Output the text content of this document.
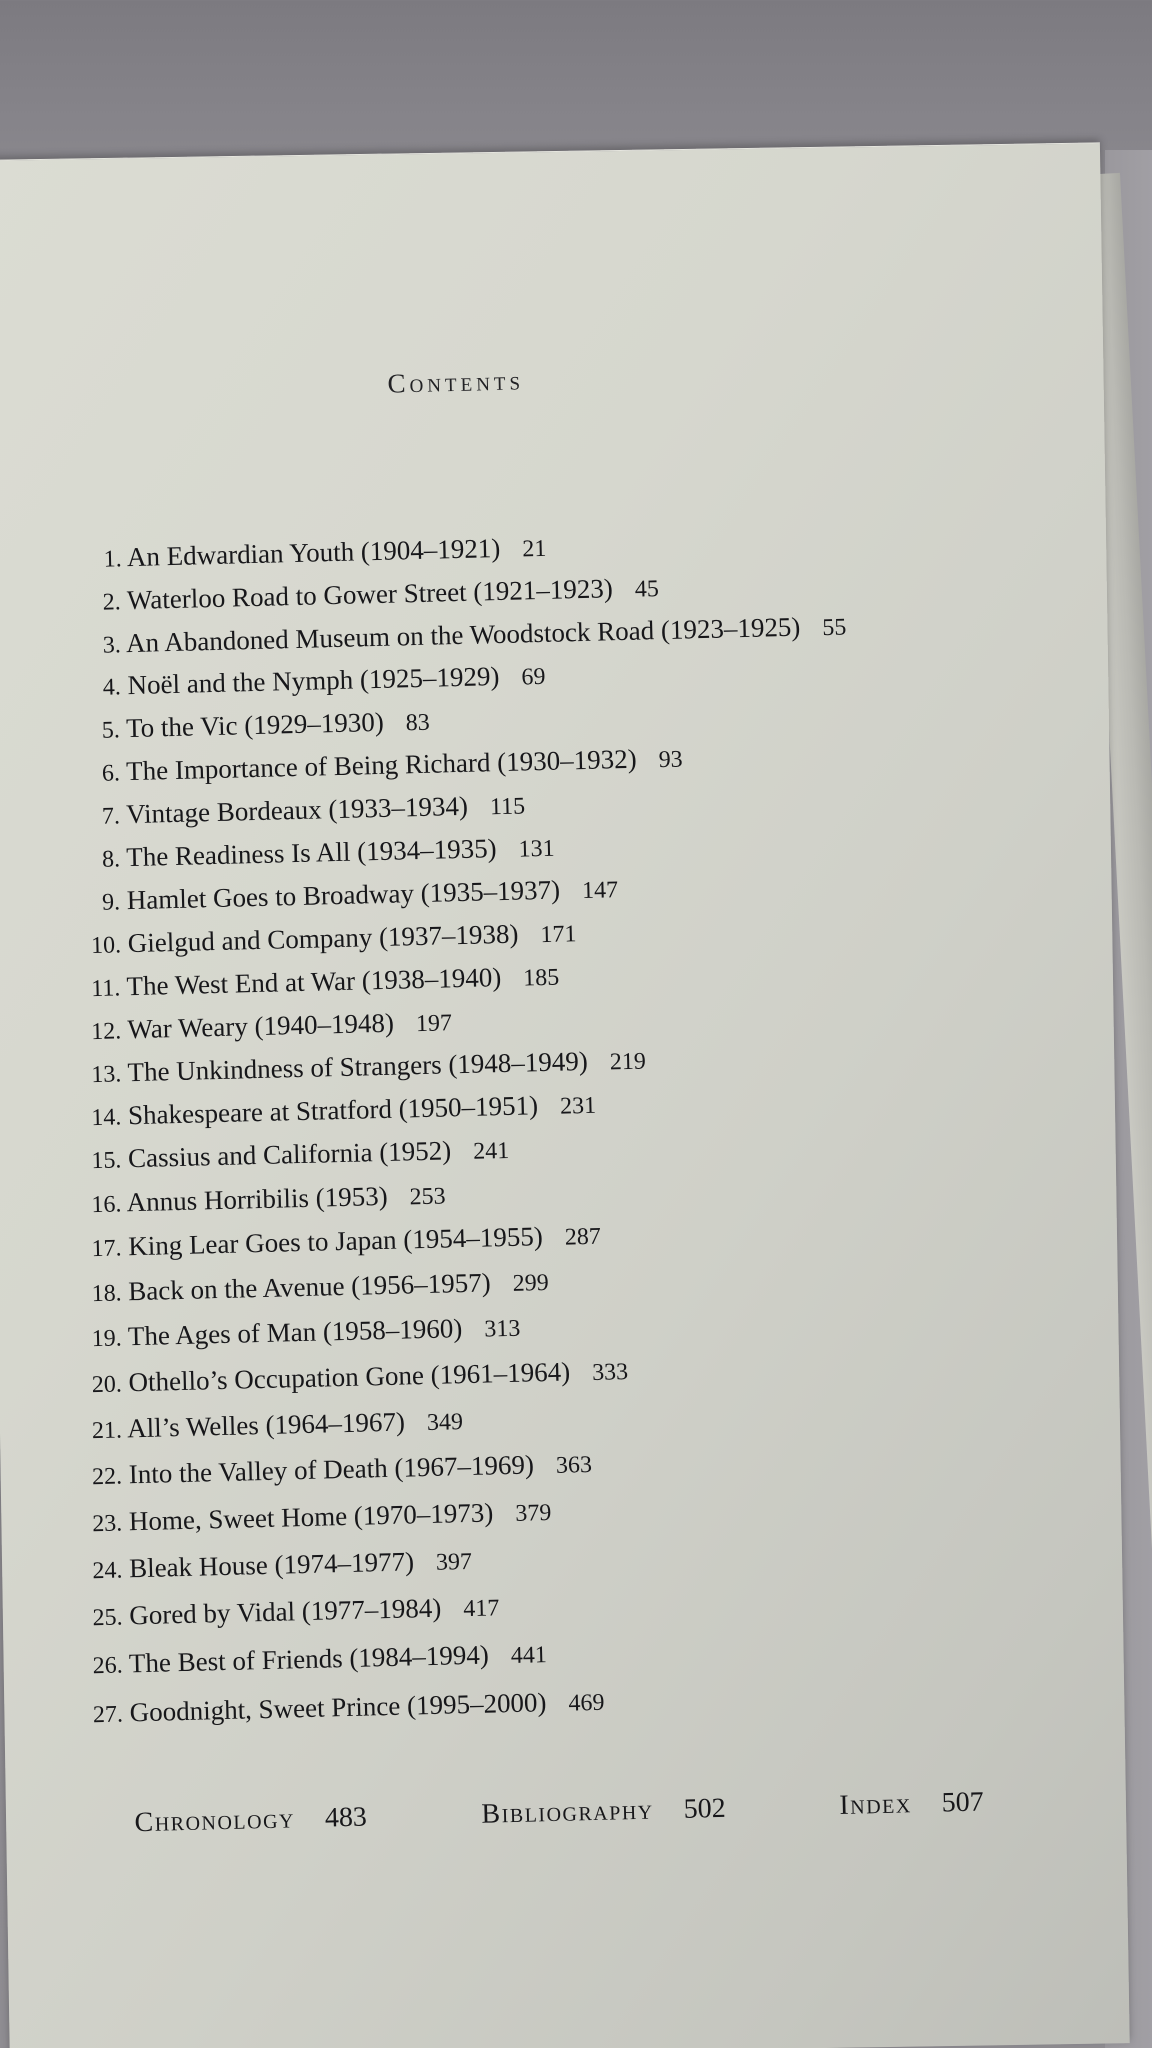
Contents
1. An Edwardian Youth (1904–1921) 21
2. Waterloo Road to Gower Street (1921–1923) 45
3. An Abandoned Museum on the Woodstock Road (1923–1925) 55
4. Noël and the Nymph (1925–1929) 69
5. To the Vic (1929–1930) 83
6. The Importance of Being Richard (1930–1932) 93
7. Vintage Bordeaux (1933–1934) 115
8. The Readiness Is All (1934–1935) 131
9. Hamlet Goes to Broadway (1935–1937) 147
10. Gielgud and Company (1937–1938) 171
11. The West End at War (1938–1940) 185
12. War Weary (1940–1948) 197
13. The Unkindness of Strangers (1948–1949) 219
14. Shakespeare at Stratford (1950–1951) 231
15. Cassius and California (1952) 241
16. Annus Horribilis (1953) 253
17. King Lear Goes to Japan (1954–1955) 287
18. Back on the Avenue (1956–1957) 299
19. The Ages of Man (1958–1960) 313
20. Othello’s Occupation Gone (1961–1964) 333
21. All’s Welles (1964–1967) 349
22. Into the Valley of Death (1967–1969) 363
23. Home, Sweet Home (1970–1973) 379
24. Bleak House (1974–1977) 397
25. Gored by Vidal (1977–1984) 417
26. The Best of Friends (1984–1994) 441
27. Goodnight, Sweet Prince (1995–2000) 469
Chronology 483	Bibliography 502	Index 507
